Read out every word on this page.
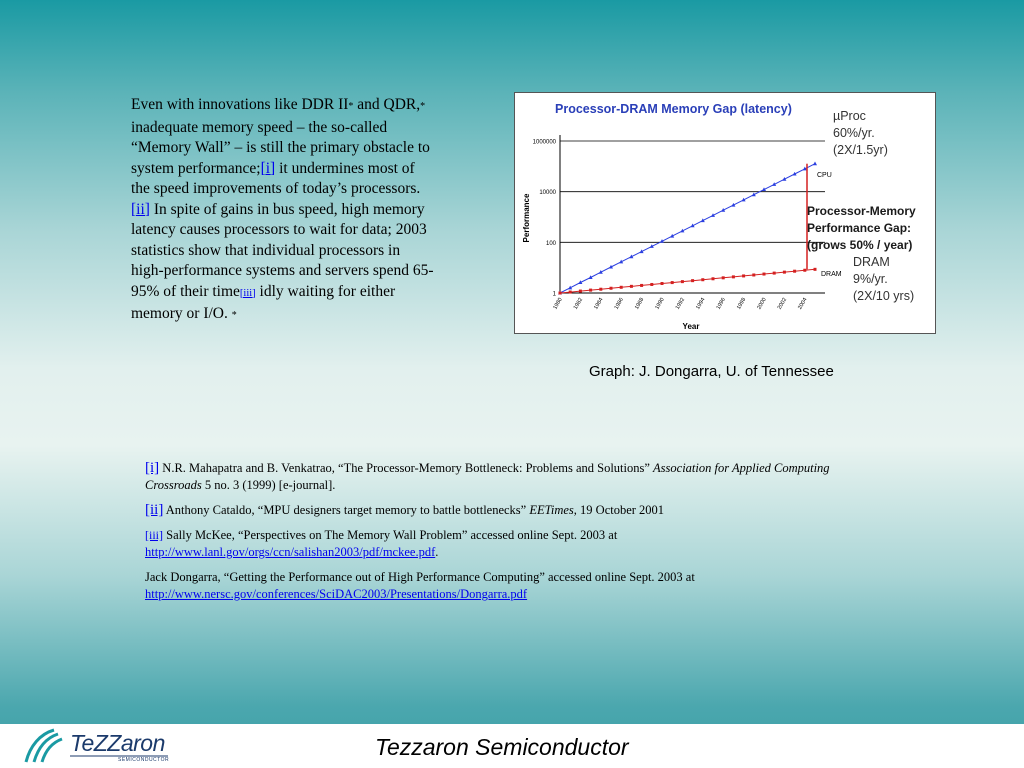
Even with innovations like DDR II* and QDR,* inadequate memory speed – the so-called “Memory Wall” – is still the primary obstacle to system performance;[i] it undermines most of the speed improvements of today’s processors.[ii] In spite of gains in bus speed, high memory latency causes processors to wait for data; 2003 statistics show that individual processors in high-performance systems and servers spend 65-95% of their time[iii] idly waiting for either memory or I/O. *
Processor-DRAM Memory Gap (latency)
1000000
10000
100
1
1980 1982 1984 1986 1988 1990 1992 1994 1996 1998 2000 2002 2004
Performance
Year
CPU
DRAM
µProc
60%/yr.
(2X/1.5yr)
Processor-Memory
Performance Gap:
(grows 50% / year)
DRAM
9%/yr.
(2X/10 yrs)
Graph: J. Dongarra, U. of Tennessee

[i] N.R. Mahapatra and B. Venkatrao, “The Processor-Memory Bottleneck: Problems and Solutions” Association for Applied Computing Crossroads 5 no. 3 (1999) [e-journal].

[ii] Anthony Cataldo, “MPU designers target memory to battle bottlenecks” EETimes, 19 October 2001

[iii] Sally McKee, “Perspectives on The Memory Wall Problem” accessed online Sept. 2003 at
http://www.lanl.gov/orgs/ccn/salishan2003/pdf/mckee.pdf.

Jack Dongarra, “Getting the Performance out of High Performance Computing” accessed online Sept. 2003 at
http://www.nersc.gov/conferences/SciDAC2003/Presentations/Dongarra.pdf

TeZZaron
SEMICONDUCTOR	Tezzaron Semiconductor
